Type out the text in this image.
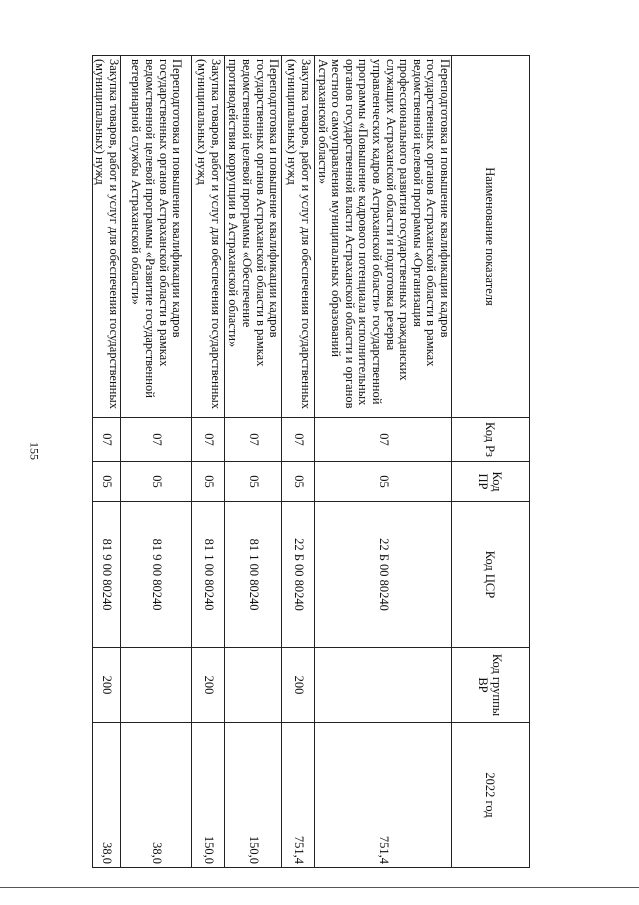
155
Наименование показателя	Код Рз	Код ПР	Код ЦСР	Код группы ВР	2022 год
Переподготовка и повышение квалификации кадров государственных органов Астраханской области в рамках ведомственной целевой программы «Организация профессионального развития государственных гражданских служащих Астраханской области и подготовка резерва управленческих кадров Астраханской области» государственной программы «Повышение кадрового потенциала исполнительных органов государственной власти Астраханской области и органов местного самоуправления муниципальных образований Астраханской области»	07	05	22 Б 00 80240		751,4
Закупка товаров, работ и услуг для обеспечения государственных (муниципальных) нужд	07	05	22 Б 00 80240	200	751,4
Переподготовка и повышение квалификации кадров государственных органов Астраханской области в рамках ведомственной целевой программы «Обеспечение противодействия коррупции в Астраханской области»	07	05	81 1 00 80240		150,0
Закупка товаров, работ и услуг для обеспечения государственных (муниципальных) нужд	07	05	81 1 00 80240	200	150,0
Переподготовка и повышение квалификации кадров государственных органов Астраханской области в рамках ведомственной целевой программы «Развитие государственной ветеринарной службы Астраханской области»	07	05	81 9 00 80240		38,0
Закупка товаров, работ и услуг для обеспечения государственных (муниципальных) нужд	07	05	81 9 00 80240	200	38,0
